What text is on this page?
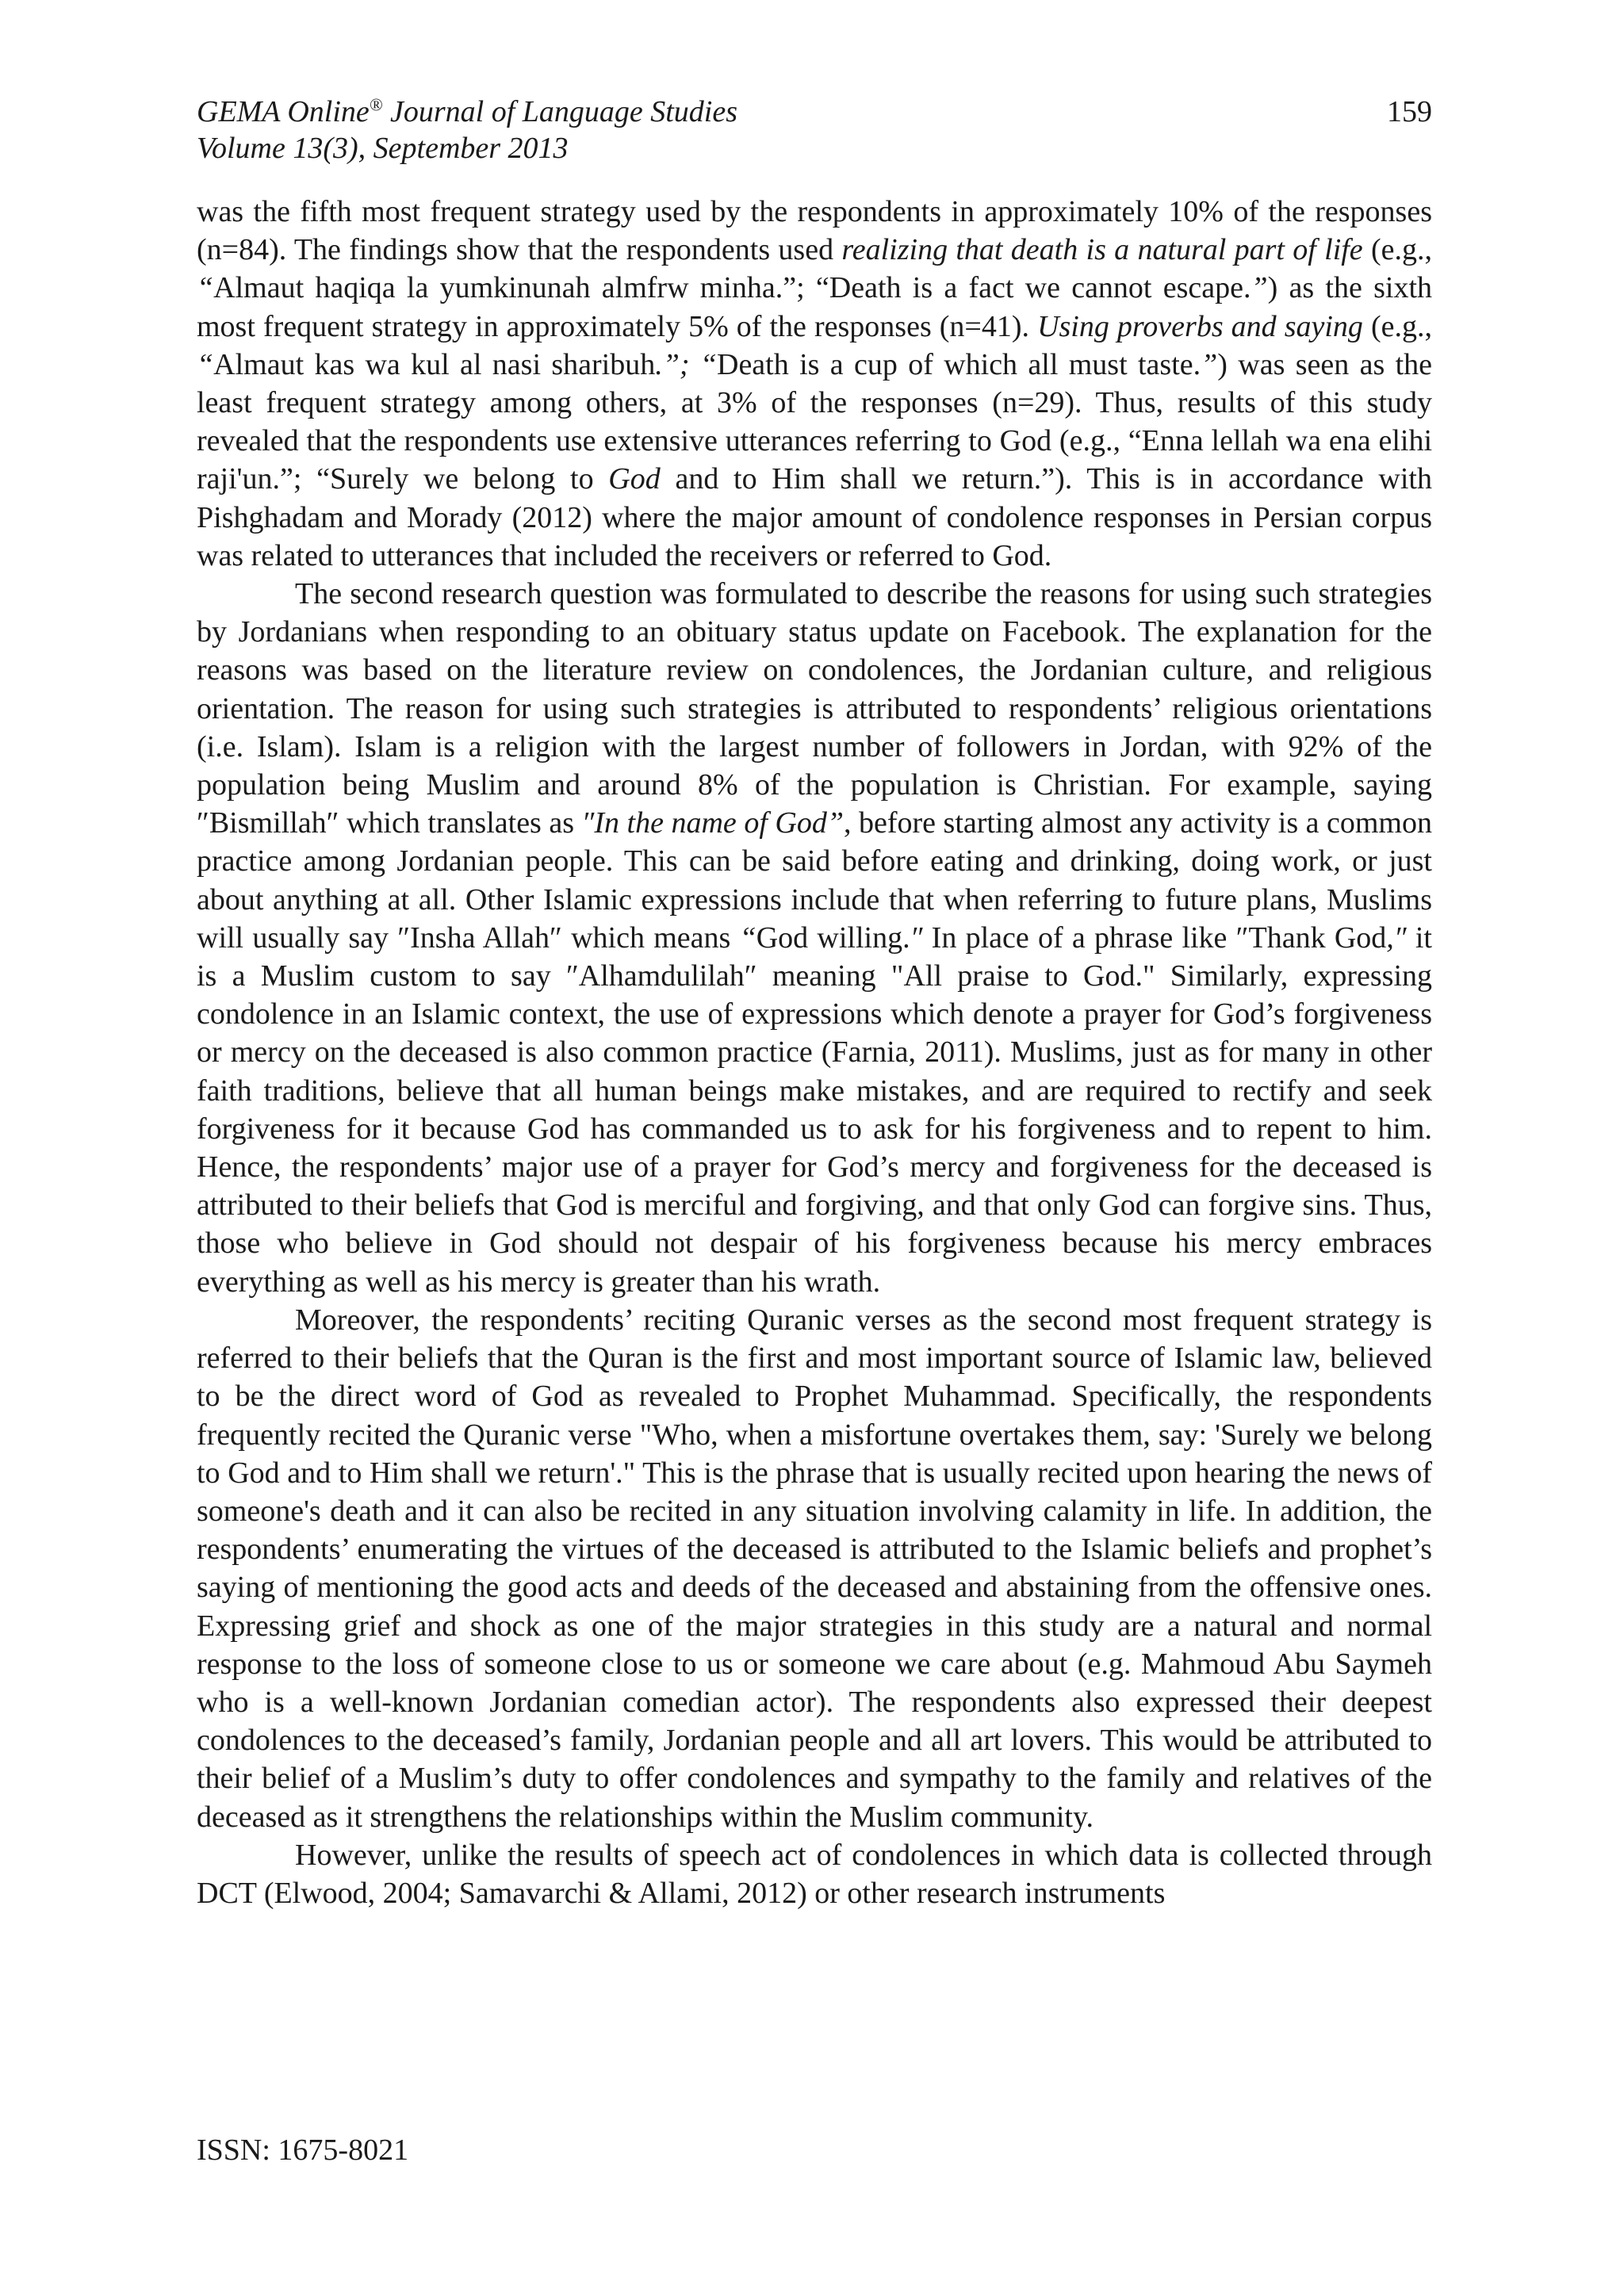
GEMA Online® Journal of Language Studies
Volume 13(3), September 2013
159

was the fifth most frequent strategy used by the respondents in approximately 10% of the responses (n=84). The findings show that the respondents used realizing that death is a natural part of life (e.g., “Almaut haqiqa la yumkinunah almfrw minha.”; “Death is a fact we cannot escape.”) as the sixth most frequent strategy in approximately 5% of the responses (n=41). Using proverbs and saying (e.g., “Almaut kas wa kul al nasi sharibuh.”; “Death is a cup of which all must taste.”) was seen as the least frequent strategy among others, at 3% of the responses (n=29). Thus, results of this study revealed that the respondents use extensive utterances referring to God (e.g., “Enna lellah wa ena elihi raji'un.”; “Surely we belong to God and to Him shall we return.”). This is in accordance with Pishghadam and Morady (2012) where the major amount of condolence responses in Persian corpus was related to utterances that included the receivers or referred to God.

The second research question was formulated to describe the reasons for using such strategies by Jordanians when responding to an obituary status update on Facebook. The explanation for the reasons was based on the literature review on condolences, the Jordanian culture, and religious orientation. The reason for using such strategies is attributed to respondents’ religious orientations (i.e. Islam). Islam is a religion with the largest number of followers in Jordan, with 92% of the population being Muslim and around 8% of the population is Christian. For example, saying ″Bismillah″ which translates as ″In the name of God”, before starting almost any activity is a common practice among Jordanian people. This can be said before eating and drinking, doing work, or just about anything at all. Other Islamic expressions include that when referring to future plans, Muslims will usually say ″Insha Allah″ which means “God willing.″ In place of a phrase like ″Thank God,″ it is a Muslim custom to say ″Alhamdulilah″ meaning "All praise to God." Similarly, expressing condolence in an Islamic context, the use of expressions which denote a prayer for God’s forgiveness or mercy on the deceased is also common practice (Farnia, 2011). Muslims, just as for many in other faith traditions, believe that all human beings make mistakes, and are required to rectify and seek forgiveness for it because God has commanded us to ask for his forgiveness and to repent to him. Hence, the respondents’ major use of a prayer for God’s mercy and forgiveness for the deceased is attributed to their beliefs that God is merciful and forgiving, and that only God can forgive sins. Thus, those who believe in God should not despair of his forgiveness because his mercy embraces everything as well as his mercy is greater than his wrath.

Moreover, the respondents’ reciting Quranic verses as the second most frequent strategy is referred to their beliefs that the Quran is the first and most important source of Islamic law, believed to be the direct word of God as revealed to Prophet Muhammad. Specifically, the respondents frequently recited the Quranic verse "Who, when a misfortune overtakes them, say: 'Surely we belong to God and to Him shall we return'." This is the phrase that is usually recited upon hearing the news of someone's death and it can also be recited in any situation involving calamity in life. In addition, the respondents’ enumerating the virtues of the deceased is attributed to the Islamic beliefs and prophet’s saying of mentioning the good acts and deeds of the deceased and abstaining from the offensive ones. Expressing grief and shock as one of the major strategies in this study are a natural and normal response to the loss of someone close to us or someone we care about (e.g. Mahmoud Abu Saymeh who is a well-known Jordanian comedian actor). The respondents also expressed their deepest condolences to the deceased’s family, Jordanian people and all art lovers. This would be attributed to their belief of a Muslim’s duty to offer condolences and sympathy to the family and relatives of the deceased as it strengthens the relationships within the Muslim community.

However, unlike the results of speech act of condolences in which data is collected through DCT (Elwood, 2004; Samavarchi & Allami, 2012) or other research instruments

ISSN: 1675-8021
